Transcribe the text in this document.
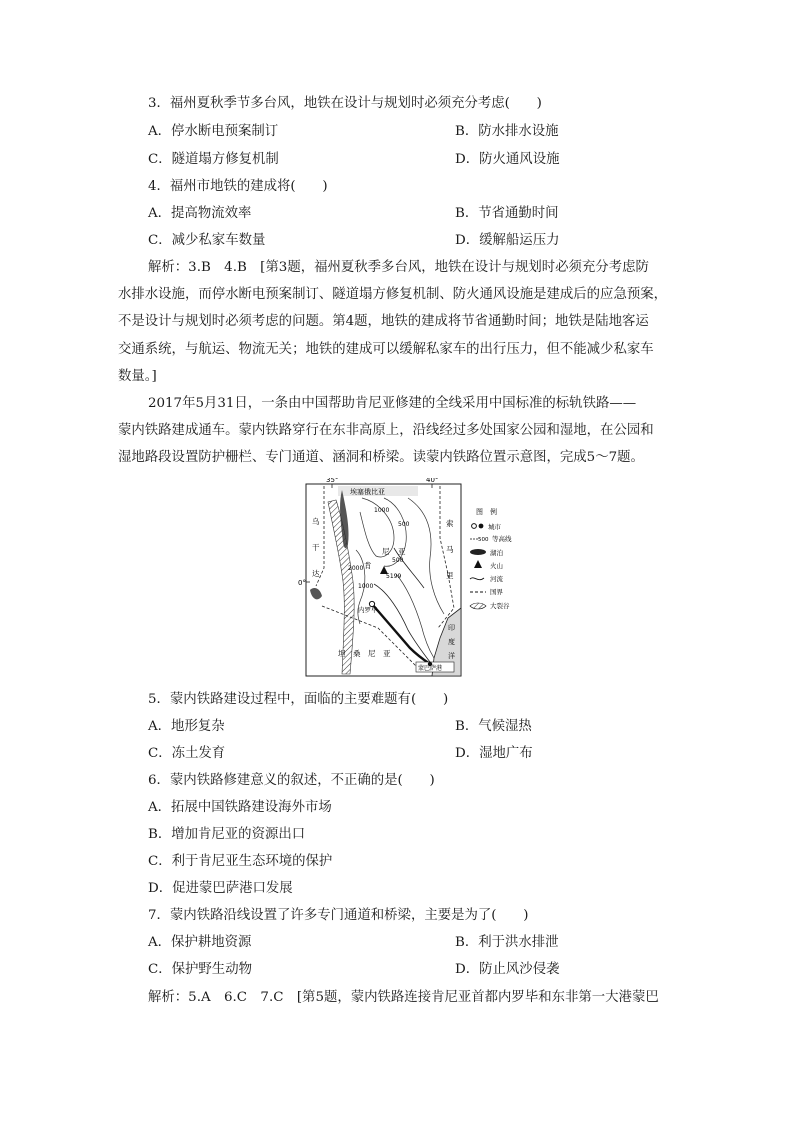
3．福州夏秋季节多台风，地铁在设计与规划时必须充分考虑(　　)
A．停水断电预案制订	B．防水排水设施
C．隧道塌方修复机制	D．防火通风设施
4．福州市地铁的建成将(　　)
A．提高物流效率	B．节省通勤时间
C．减少私家车数量	D．缓解船运压力
解析：3.B　4.B　[第3题，福州夏秋季多台风，地铁在设计与规划时必须充分考虑防
水排水设施，而停水断电预案制订、隧道塌方修复机制、防火通风设施是建成后的应急预案，
不是设计与规划时必须考虑的问题。第4题，地铁的建成将节省通勤时间；地铁是陆地客运
交通系统，与航运、物流无关；地铁的建成可以缓解私家车的出行压力，但不能减少私家车
数量。]
2017年5月31日，一条由中国帮助肯尼亚修建的全线采用中国标准的标轨铁路——
蒙内铁路建成通车。蒙内铁路穿行在东非高原上，沿线经过多处国家公园和湿地，在公园和
湿地路段设置防护栅栏、专门通道、涵洞和桥梁。读蒙内铁路位置示意图，完成5～7题。
35°	40°
0°
埃塞俄比亚
1000
500
2000
1000
500
内罗毕
5199
印
度
洋
蒙巴萨港
乌
干
达
肯
尼 亚
索
马
里
坦　桑　尼　亚
图　例
城市
500 等高线
湖泊
火山
河流
国界
大裂谷
5．蒙内铁路建设过程中，面临的主要难题有(　　)
A．地形复杂	B．气候湿热
C．冻土发育	D．湿地广布
6．蒙内铁路修建意义的叙述，不正确的是(　　)
A．拓展中国铁路建设海外市场
B．增加肯尼亚的资源出口
C．利于肯尼亚生态环境的保护
D．促进蒙巴萨港口发展
7．蒙内铁路沿线设置了许多专门通道和桥梁，主要是为了(　　)
A．保护耕地资源	B．利于洪水排泄
C．保护野生动物	D．防止风沙侵袭
解析：5.A　6.C　7.C　[第5题，蒙内铁路连接肯尼亚首都内罗毕和东非第一大港蒙巴
